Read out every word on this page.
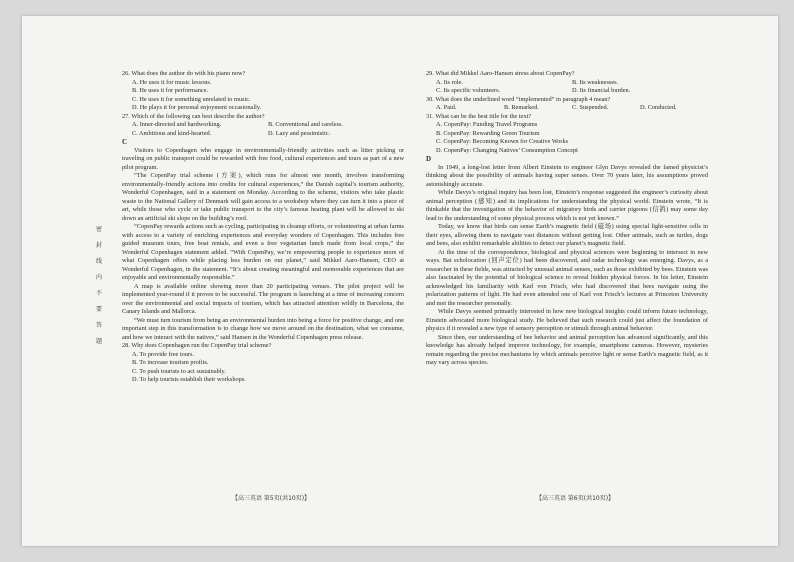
密
封
线
内
不
要
答
题

26. What does the author do with his piano now?

A. He uses it for music lessons.

B. He uses it for performance.

C. He uses it for something unrelated to music.

D. He plays it for personal enjoyment occasionally.

27. Which of the following can best describe the author?

A. Inner-directed and hardworking.	B. Conventional and careless.
C. Ambitious and kind-hearted.	D. Lazy and pessimistic.

C

Visitors to Copenhagen who engage in environmentally-friendly activities such as litter picking or traveling on public transport could be rewarded with free food, cultural experiences and tours as part of a new pilot program.

“The CopenPay trial scheme (方案), which runs for almost one month, involves transforming environmentally-friendly actions into credits for cultural experiences,” the Danish capital’s tourism authority, Wonderful Copenhagen, said in a statement on Monday. According to the scheme, visitors who take plastic waste to the National Gallery of Denmark will gain access to a workshop where they can turn it into a piece of art, while those who cycle or take public transport to the city’s famous heating plant will be allowed to ski down an artificial ski slope on the building’s roof.

“CopenPay rewards actions such as cycling, participating in cleanup efforts, or volunteering at urban farms with access to a variety of enriching experiences and everyday wonders of Copenhagen. This includes free guided museum tours, free boat rentals, and even a free vegetarian lunch made from local crops,” the Wonderful Copenhagen statement added. “With CopenPay, we’re empowering people to experience more of what Copenhagen offers while placing less burden on our planet,” said Mikkel Aaro-Hansen, CEO at Wonderful Copenhagen, in the statement. “It’s about creating meaningful and memorable experiences that are enjoyable and environmentally responsible.”

A map is available online showing more than 20 participating venues. The pilot project will be implemented year-round if it proves to be successful. The program is launching at a time of increasing concern over the environmental and social impacts of tourism, which has attracted attention wildly in Barcelona, the Canary Islands and Mallorca.

“We must turn tourism from being an environmental burden into being a force for positive change, and one important step in this transformation is to change how we move around on the destination, what we consume, and how we interact with the natives,” said Hansen in the Wonderful Copenhagen press release.

28. Why does Copenhagen run the CopenPay trial scheme?

A. To provide free tours.

B. To increase tourism profits.

C. To push tourists to act sustainably.

D. To help tourists establish their workshops.

29. What did Mikkel Aaro-Hansen stress about CopenPay?

A. Its role.	B. Its weaknesses.
C. Its specific volunteers.	D. Its financial burden.

30. What does the underlined word “implemented” in paragraph 4 mean?

A. Paid.	B. Remarked.	C. Suspended.	D. Conducted.

31. What can be the best title for the text?

A. CopenPay: Funding Travel Programs

B. CopenPay: Rewarding Green Tourism

C. CopenPay: Becoming Known for Creative Works

D. CopenPay: Changing Natives’ Consumption Concept

D

In 1949, a long-lost letter from Albert Einstein to engineer Glyn Davys revealed the famed physicist’s thinking about the possibility of animals having super senses. Over 70 years later, his assumptions proved astonishingly accurate.

While Davys’s original inquiry has been lost, Einstein’s response suggested the engineer’s curiosity about animal perception (感知) and its implications for understanding the physical world. Einstein wrote, “It is thinkable that the investigation of the behavior of migratory birds and carrier pigeons (信鸽) may some day lead to the understanding of some physical process which is not yet known.”

Today, we know that birds can sense Earth’s magnetic field (磁场) using special light-sensitive cells in their eyes, allowing them to navigate vast distances without getting lost. Other animals, such as turtles, dogs and bees, also exhibit remarkable abilities to detect our planet’s magnetic field.

At the time of the correspondence, biological and physical sciences were beginning to intersect in new ways. Bat echolocation (回声定位) had been discovered, and radar technology was emerging. Davys, as a researcher in these fields, was attracted by unusual animal senses, such as those exhibited by bees. Einstein was also fascinated by the potential of biological science to reveal hidden physical forces. In his letter, Einstein acknowledged his familiarity with Karl von Frisch, who had discovered that bees navigate using the polarization patterns of light. He had even attended one of Karl von Frisch’s lectures at Princeton University and met the researcher personally.

While Davys seemed primarily interested in how new biological insights could inform future technology, Einstein advocated more biological study. He believed that such research could just affect the foundation of physics if it revealed a new type of sensory perception or stimuli through animal behavior.

Since then, our understanding of bee behavior and animal perception has advanced significantly, and this knowledge has already helped improve technology, for example, smartphone cameras. However, mysteries remain regarding the precise mechanisms by which animals perceive light or sense Earth’s magnetic field, as it may vary across species.

【高三英语 第5页(共10页)】	【高三英语 第6页(共10页)】
